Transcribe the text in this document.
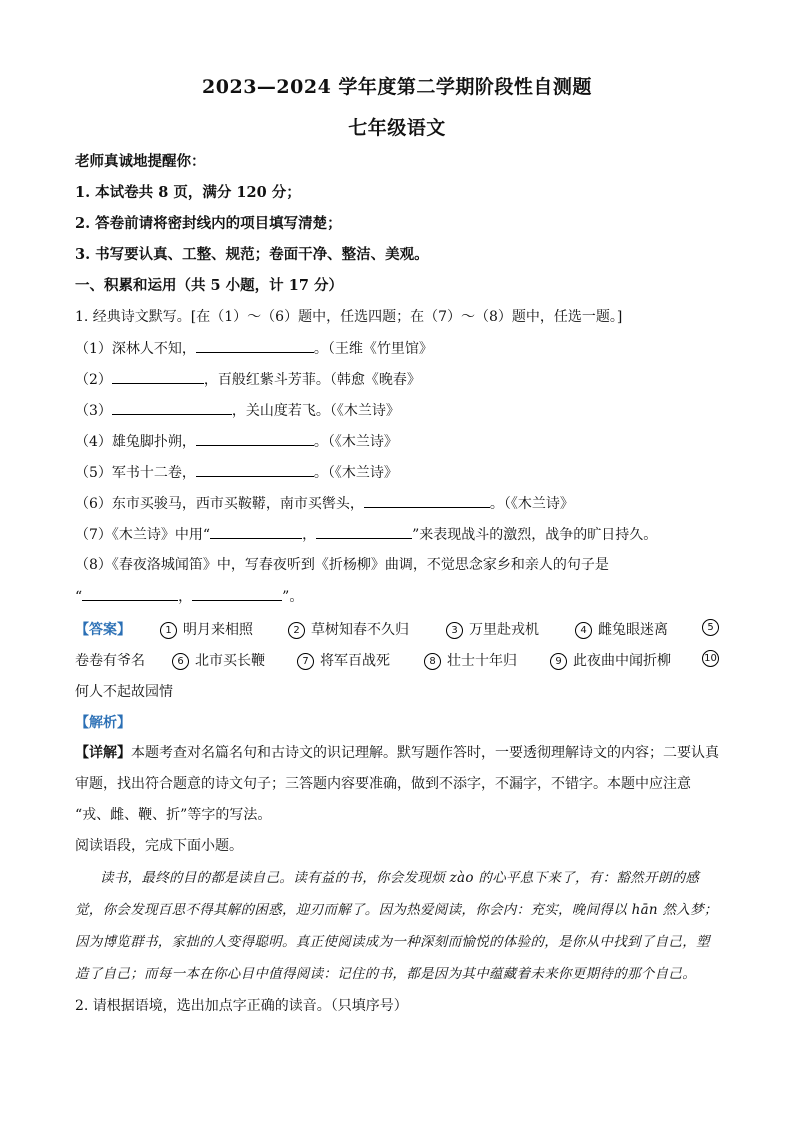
2023—2024 学年度第二学期阶段性自测题
七年级语文
老师真诚地提醒你：
1. 本试卷共 8 页，满分 120 分；
2. 答卷前请将密封线内的项目填写清楚；
3. 书写要认真、工整、规范；卷面干净、整洁、美观。
一、积累和运用（共 5 小题，计 17 分）
1. 经典诗文默写。[在（1）～（6）题中，任选四题；在（7）～（8）题中，任选一题。]
（1）深林人不知，	。（王维《竹里馆》
（2）	，百般红紫斗芳菲。（韩愈《晚春》
（3）	，关山度若飞。（《木兰诗》
（4）雄兔脚扑朔，	。（《木兰诗》
（5）军书十二卷，	。（《木兰诗》
（6）东市买骏马，西市买鞍鞯，南市买辔头，	。（《木兰诗》
（7）《木兰诗》中用“	，	”来表现战斗的激烈，战争的旷日持久。
（8）《春夜洛城闻笛》中，写春夜听到《折杨柳》曲调，不觉思念家乡和亲人的句子是
“	，	”。
【答案】	1 明月来相照	2 草树知春不久归	3 万里赴戎机	4 雌兔眼迷离	5
卷卷有爷名	6 北市买长鞭	7 将军百战死	8 壮士十年归	9 此夜曲中闻折柳	10
何人不起故园情
【解析】
【详解】本题考查对名篇名句和古诗文的识记理解。默写题作答时，一要透彻理解诗文的内容；二要认真
审题，找出符合题意的诗文句子；三答题内容要准确，做到不添字，不漏字，不错字。本题中应注意
“戎、雌、鞭、折”等字的写法。
阅读语段，完成下面小题。
读书，最终的目的都是读自己。读有益的书，你会发现烦 zào 的心平息下来了，有：豁然开朗的感
觉，你会发现百思不得其解的困惑，迎刃而解了。因为热爱阅读，你会内：充实，晚间得以 hān 然入梦；
因为博览群书，家拙的人变得聪明。真正使阅读成为一种深刻而愉悦的体验的，是你从中找到了自己，塑
造了自己；而每一本在你心目中值得阅读：记住的书，都是因为其中蕴藏着未来你更期待的那个自己。
2. 请根据语境，选出加点字正确的读音。（只填序号）
